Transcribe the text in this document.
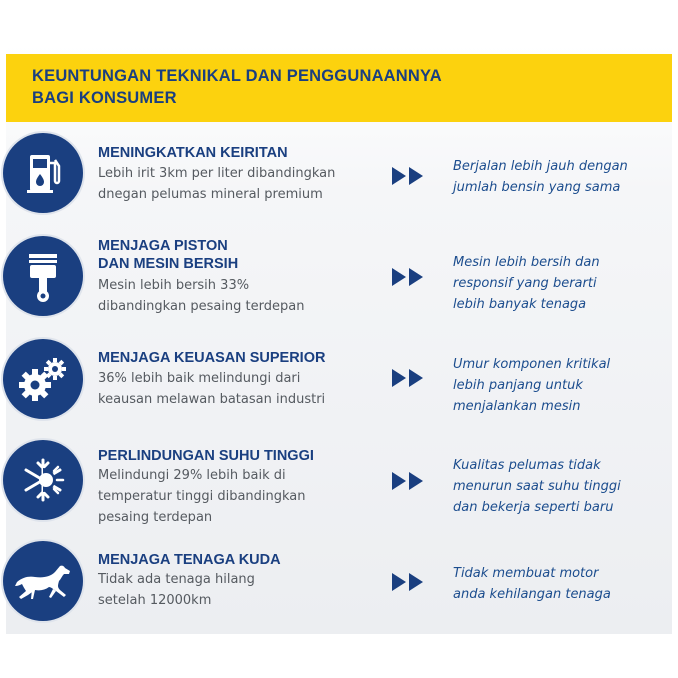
KEUNTUNGAN TEKNIKAL DAN PENGGUNAANNYA
BAGI KONSUMER
MENINGKATKAN KEIRITAN
Lebih irit 3km per liter dibandingkan
dnegan pelumas mineral premium
Berjalan lebih jauh dengan
jumlah bensin yang sama
MENJAGA PISTON
DAN MESIN BERSIH
Mesin lebih bersih 33%
dibandingkan pesaing terdepan
Mesin lebih bersih dan
responsif yang berarti
lebih banyak tenaga
MENJAGA KEUASAN SUPERIOR
36% lebih baik melindungi dari
keausan melawan batasan industri
Umur komponen kritikal
lebih panjang untuk
menjalankan mesin
PERLINDUNGAN SUHU TINGGI
Melindungi 29% lebih baik di
temperatur tinggi dibandingkan
pesaing terdepan
Kualitas pelumas tidak
menurun saat suhu tinggi
dan bekerja seperti baru
MENJAGA TENAGA KUDA
Tidak ada tenaga hilang
setelah 12000km
Tidak membuat motor
anda kehilangan tenaga
